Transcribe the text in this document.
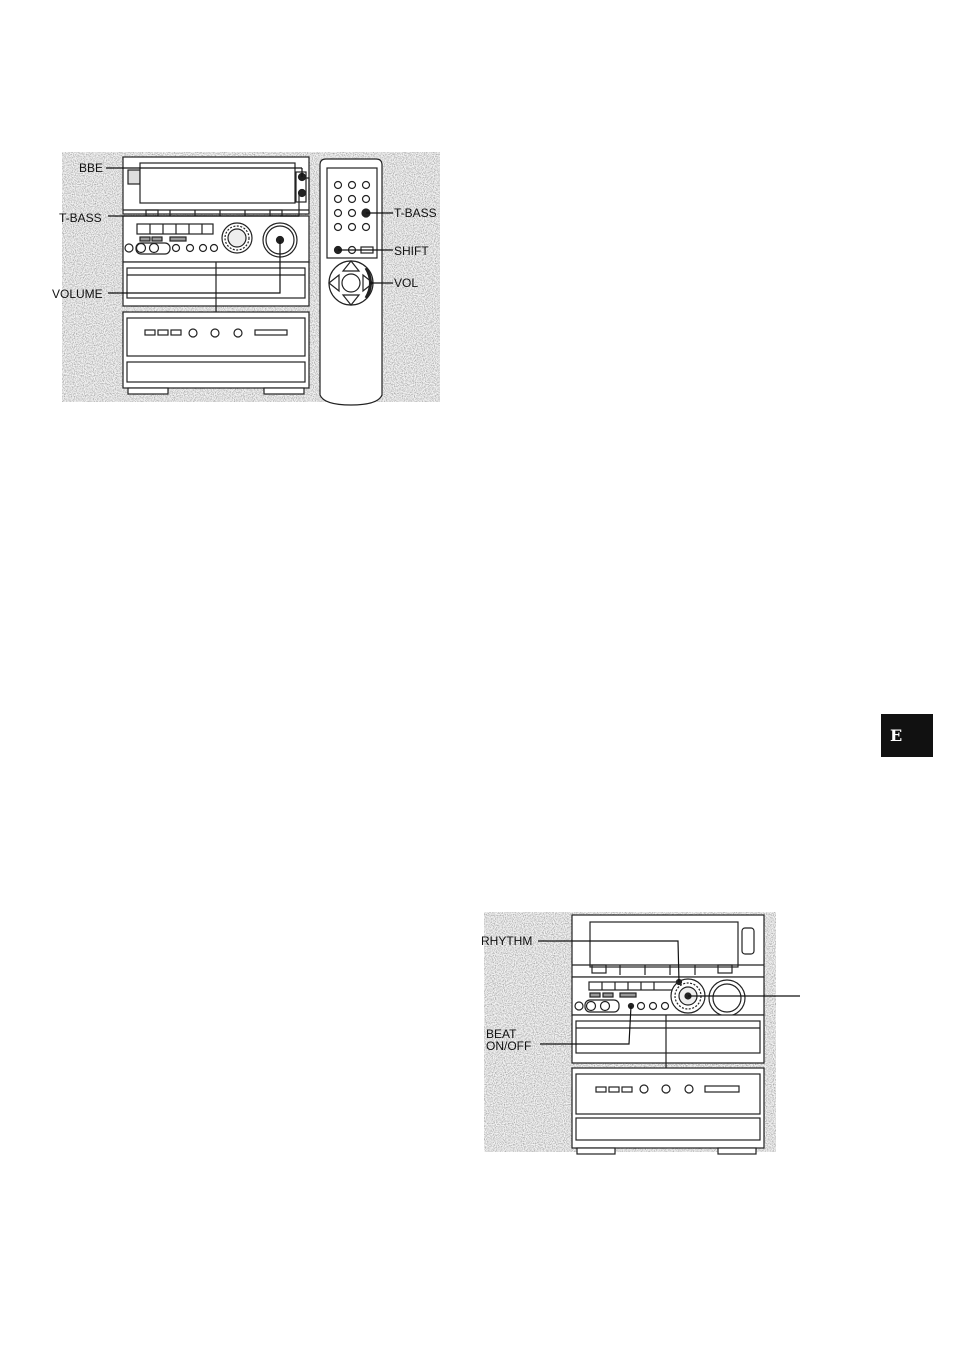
BBE
T-BASS
VOLUME
T-BASS
SHIFT
VOL
RHYTHM
BEAT
ON/OFF
E
